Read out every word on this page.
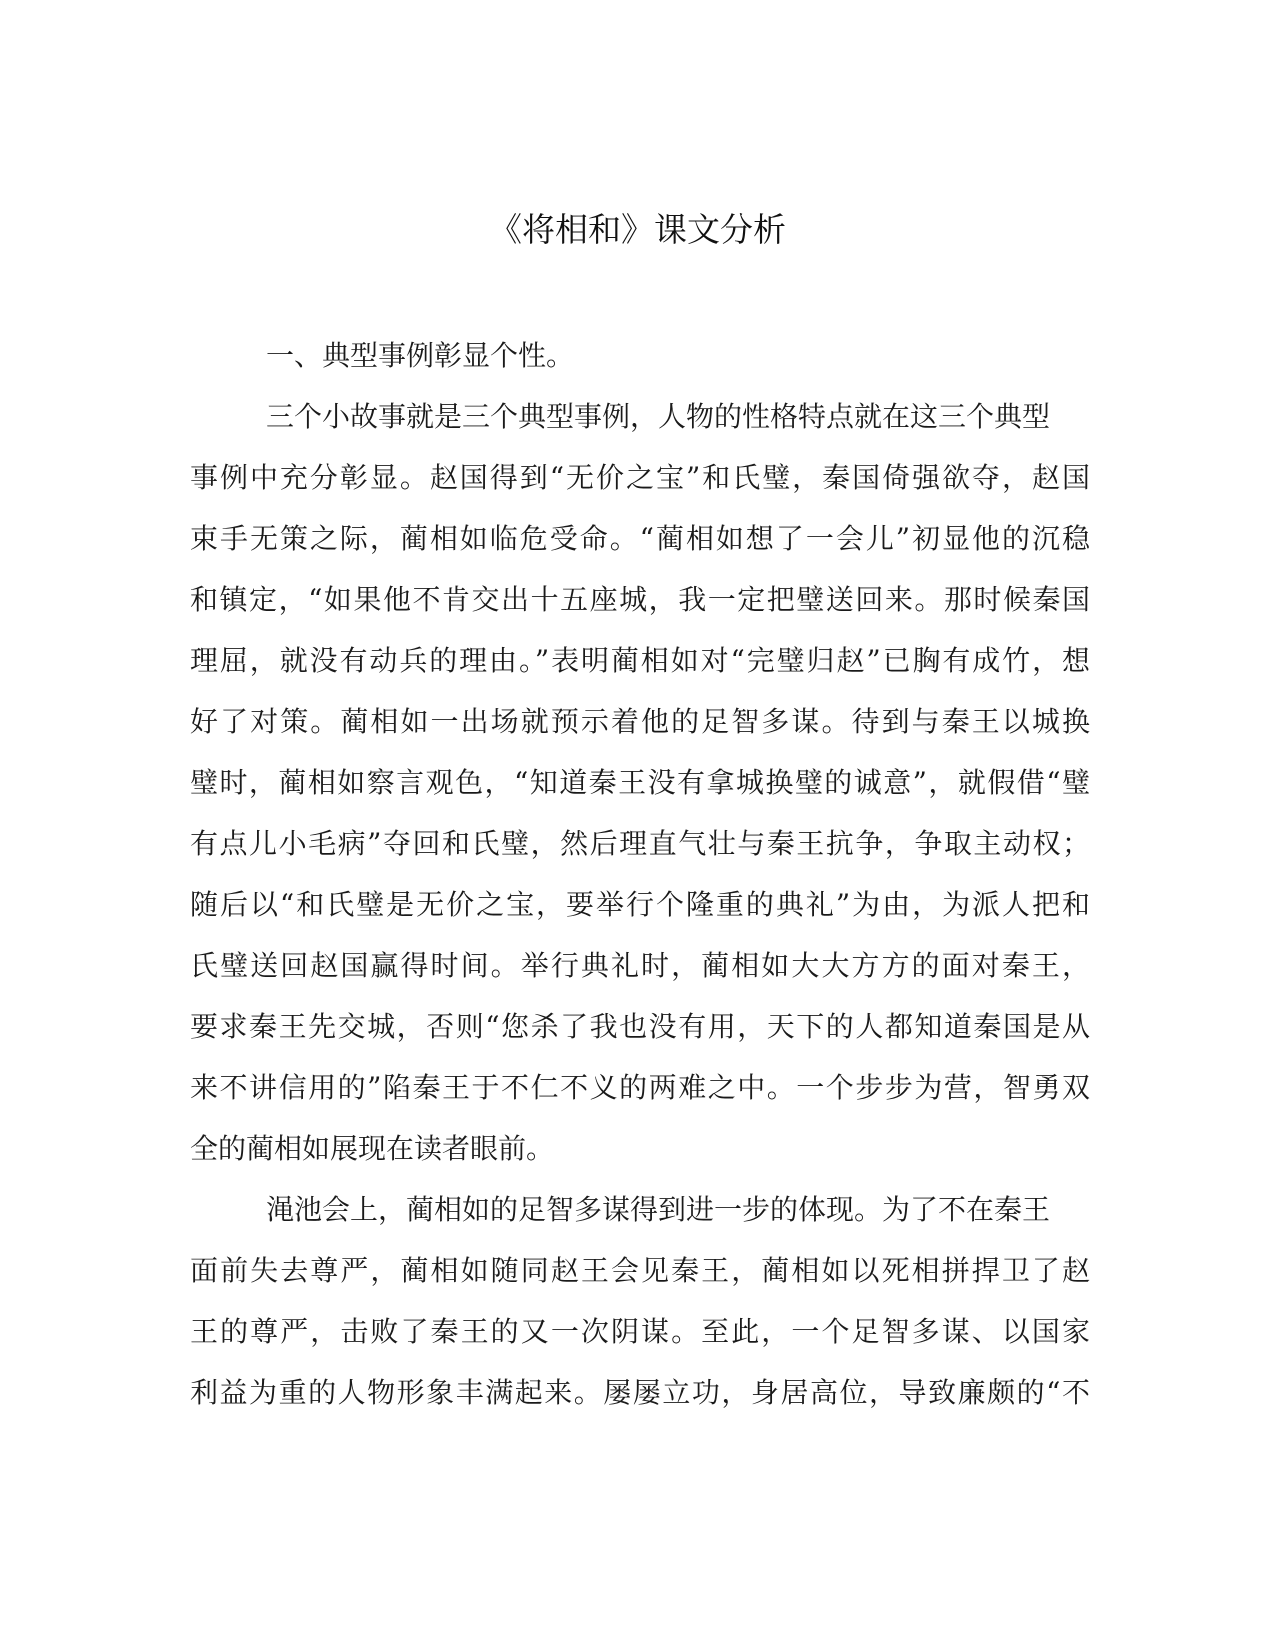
《将相和》课文分析

一、典型事例彰显个性。

三个小故事就是三个典型事例，人物的性格特点就在这三个典型
事例中充分彰显。赵国得到“无价之宝”和氏璧，秦国倚强欲夺，赵国
束手无策之际，蔺相如临危受命。“蔺相如想了一会儿”初显他的沉稳
和镇定，“如果他不肯交出十五座城，我一定把璧送回来。那时候秦国
理屈，就没有动兵的理由。”表明蔺相如对“完璧归赵”已胸有成竹，想
好了对策。蔺相如一出场就预示着他的足智多谋。待到与秦王以城换
璧时，蔺相如察言观色，“知道秦王没有拿城换璧的诚意”，就假借“璧
有点儿小毛病”夺回和氏璧，然后理直气壮与秦王抗争，争取主动权；
随后以“和氏璧是无价之宝，要举行个隆重的典礼”为由，为派人把和
氏璧送回赵国赢得时间。举行典礼时，蔺相如大大方方的面对秦王，
要求秦王先交城，否则“您杀了我也没有用，天下的人都知道秦国是从
来不讲信用的”陷秦王于不仁不义的两难之中。一个步步为营，智勇双
全的蔺相如展现在读者眼前。

渑池会上，蔺相如的足智多谋得到进一步的体现。为了不在秦王
面前失去尊严，蔺相如随同赵王会见秦王，蔺相如以死相拼捍卫了赵
王的尊严，击败了秦王的又一次阴谋。至此，一个足智多谋、以国家
利益为重的人物形象丰满起来。屡屡立功，身居高位，导致廉颇的“不
